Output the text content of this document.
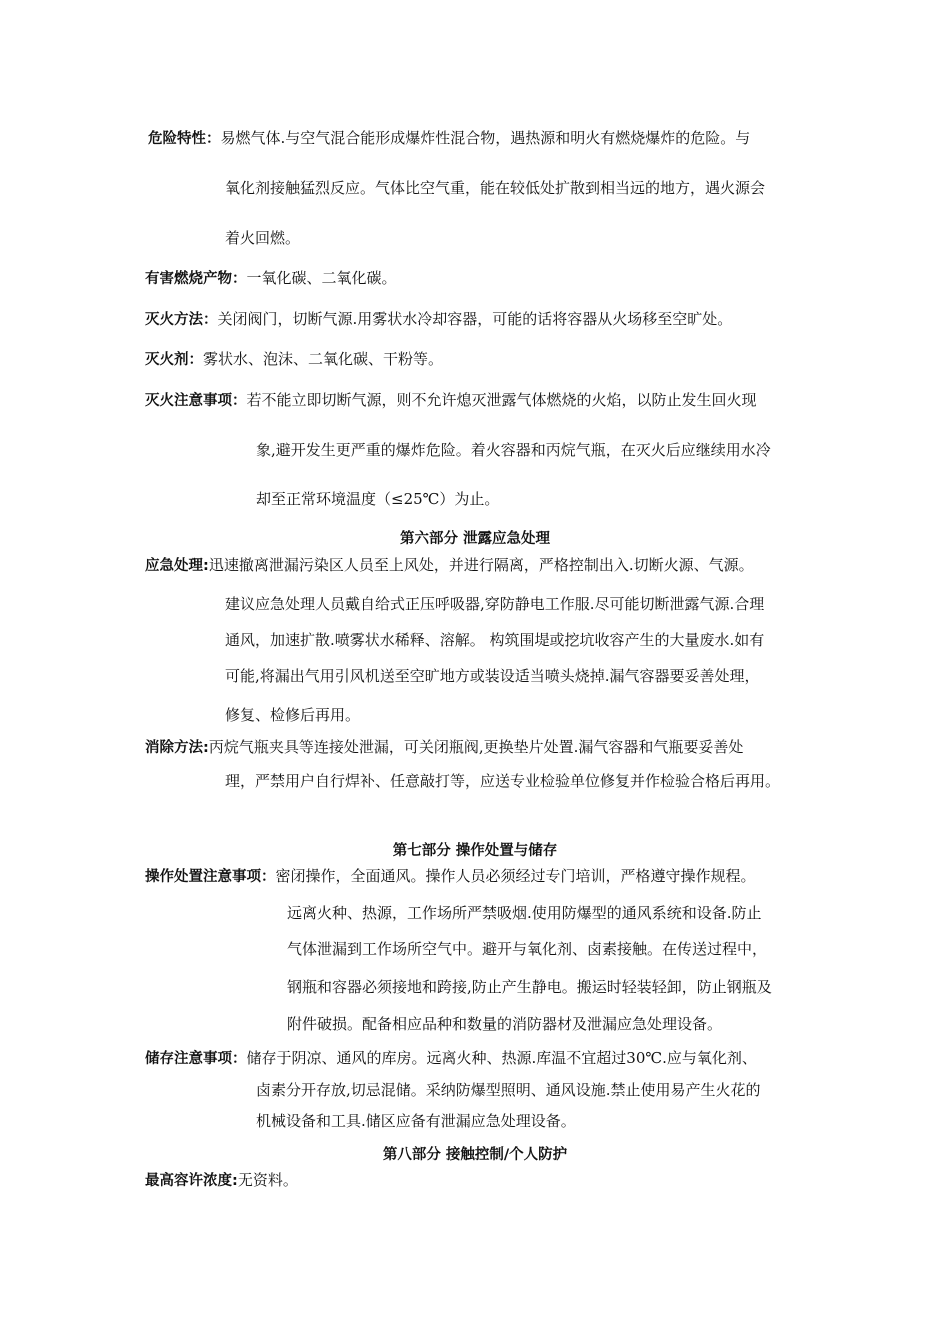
危险特性：易燃气体.与空气混合能形成爆炸性混合物，遇热源和明火有燃烧爆炸的危险。与
氧化剂接触猛烈反应。气体比空气重，能在较低处扩散到相当远的地方，遇火源会
着火回燃。
有害燃烧产物：一氧化碳、二氧化碳。
灭火方法：关闭阀门，切断气源.用雾状水冷却容器，可能的话将容器从火场移至空旷处。
灭火剂：雾状水、泡沫、二氧化碳、干粉等。
灭火注意事项：若不能立即切断气源，则不允许熄灭泄露气体燃烧的火焰，以防止发生回火现
象,避开发生更严重的爆炸危险。着火容器和丙烷气瓶，在灭火后应继续用水冷
却至正常环境温度（≤25℃）为止。
第六部分 泄露应急处理
应急处理:迅速撤离泄漏污染区人员至上风处，并进行隔离，严格控制出入.切断火源、气源。
建议应急处理人员戴自给式正压呼吸器,穿防静电工作服.尽可能切断泄露气源.合理
通风，加速扩散.喷雾状水稀释、溶解。 构筑围堤或挖坑收容产生的大量废水.如有
可能,将漏出气用引风机送至空旷地方或装设适当喷头烧掉.漏气容器要妥善处理，
修复、检修后再用。
消除方法:丙烷气瓶夹具等连接处泄漏，可关闭瓶阀,更换垫片处置.漏气容器和气瓶要妥善处
理，严禁用户自行焊补、任意敲打等，应送专业检验单位修复并作检验合格后再用。
第七部分 操作处置与储存
操作处置注意事项：密闭操作，全面通风。操作人员必须经过专门培训，严格遵守操作规程。
远离火种、热源，工作场所严禁吸烟.使用防爆型的通风系统和设备.防止
气体泄漏到工作场所空气中。避开与氧化剂、卤素接触。在传送过程中，
钢瓶和容器必须接地和跨接,防止产生静电。搬运时轻装轻卸，防止钢瓶及
附件破损。配备相应品种和数量的消防器材及泄漏应急处理设备。
储存注意事项：储存于阴凉、通风的库房。远离火种、热源.库温不宜超过30℃.应与氧化剂、
卤素分开存放,切忌混储。采纳防爆型照明、通风设施.禁止使用易产生火花的
机械设备和工具.储区应备有泄漏应急处理设备。
第八部分 接触控制/个人防护
最高容许浓度:无资料。
